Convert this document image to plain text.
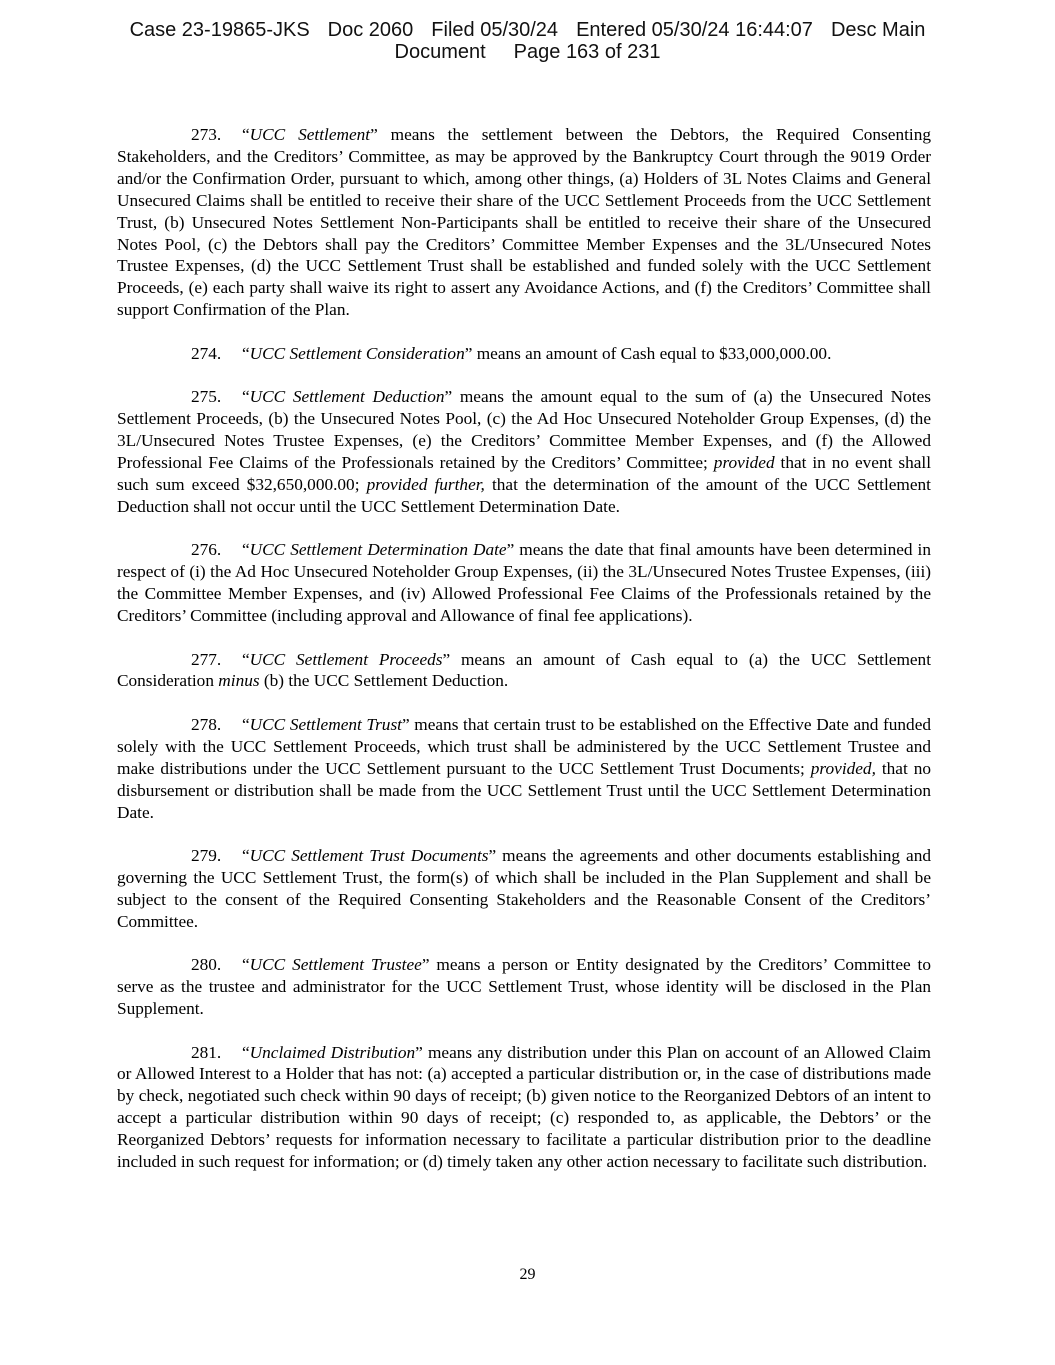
Case 23-19865-JKS Doc 2060 Filed 05/30/24 Entered 05/30/24 16:44:07 Desc Main
Document Page 163 of 231

273. “UCC Settlement” means the settlement between the Debtors, the Required Consenting Stakeholders, and the Creditors’ Committee, as may be approved by the Bankruptcy Court through the 9019 Order and/or the Confirmation Order, pursuant to which, among other things, (a) Holders of 3L Notes Claims and General Unsecured Claims shall be entitled to receive their share of the UCC Settlement Proceeds from the UCC Settlement Trust, (b) Unsecured Notes Settlement Non-Participants shall be entitled to receive their share of the Unsecured Notes Pool, (c) the Debtors shall pay the Creditors’ Committee Member Expenses and the 3L/Unsecured Notes Trustee Expenses, (d) the UCC Settlement Trust shall be established and funded solely with the UCC Settlement Proceeds, (e) each party shall waive its right to assert any Avoidance Actions, and (f) the Creditors’ Committee shall support Confirmation of the Plan.

274. “UCC Settlement Consideration” means an amount of Cash equal to $33,000,000.00.

275. “UCC Settlement Deduction” means the amount equal to the sum of (a) the Unsecured Notes Settlement Proceeds, (b) the Unsecured Notes Pool, (c) the Ad Hoc Unsecured Noteholder Group Expenses, (d) the 3L/Unsecured Notes Trustee Expenses, (e) the Creditors’ Committee Member Expenses, and (f) the Allowed Professional Fee Claims of the Professionals retained by the Creditors’ Committee; provided that in no event shall such sum exceed $32,650,000.00; provided further, that the determination of the amount of the UCC Settlement Deduction shall not occur until the UCC Settlement Determination Date.

276. “UCC Settlement Determination Date” means the date that final amounts have been determined in respect of (i) the Ad Hoc Unsecured Noteholder Group Expenses, (ii) the 3L/Unsecured Notes Trustee Expenses, (iii) the Committee Member Expenses, and (iv) Allowed Professional Fee Claims of the Professionals retained by the Creditors’ Committee (including approval and Allowance of final fee applications).

277. “UCC Settlement Proceeds” means an amount of Cash equal to (a) the UCC Settlement Consideration minus (b) the UCC Settlement Deduction.

278. “UCC Settlement Trust” means that certain trust to be established on the Effective Date and funded solely with the UCC Settlement Proceeds, which trust shall be administered by the UCC Settlement Trustee and make distributions under the UCC Settlement pursuant to the UCC Settlement Trust Documents; provided, that no disbursement or distribution shall be made from the UCC Settlement Trust until the UCC Settlement Determination Date.

279. “UCC Settlement Trust Documents” means the agreements and other documents establishing and governing the UCC Settlement Trust, the form(s) of which shall be included in the Plan Supplement and shall be subject to the consent of the Required Consenting Stakeholders and the Reasonable Consent of the Creditors’ Committee.

280. “UCC Settlement Trustee” means a person or Entity designated by the Creditors’ Committee to serve as the trustee and administrator for the UCC Settlement Trust, whose identity will be disclosed in the Plan Supplement.

281. “Unclaimed Distribution” means any distribution under this Plan on account of an Allowed Claim or Allowed Interest to a Holder that has not: (a) accepted a particular distribution or, in the case of distributions made by check, negotiated such check within 90 days of receipt; (b) given notice to the Reorganized Debtors of an intent to accept a particular distribution within 90 days of receipt; (c) responded to, as applicable, the Debtors’ or the Reorganized Debtors’ requests for information necessary to facilitate a particular distribution prior to the deadline included in such request for information; or (d) timely taken any other action necessary to facilitate such distribution.

29
